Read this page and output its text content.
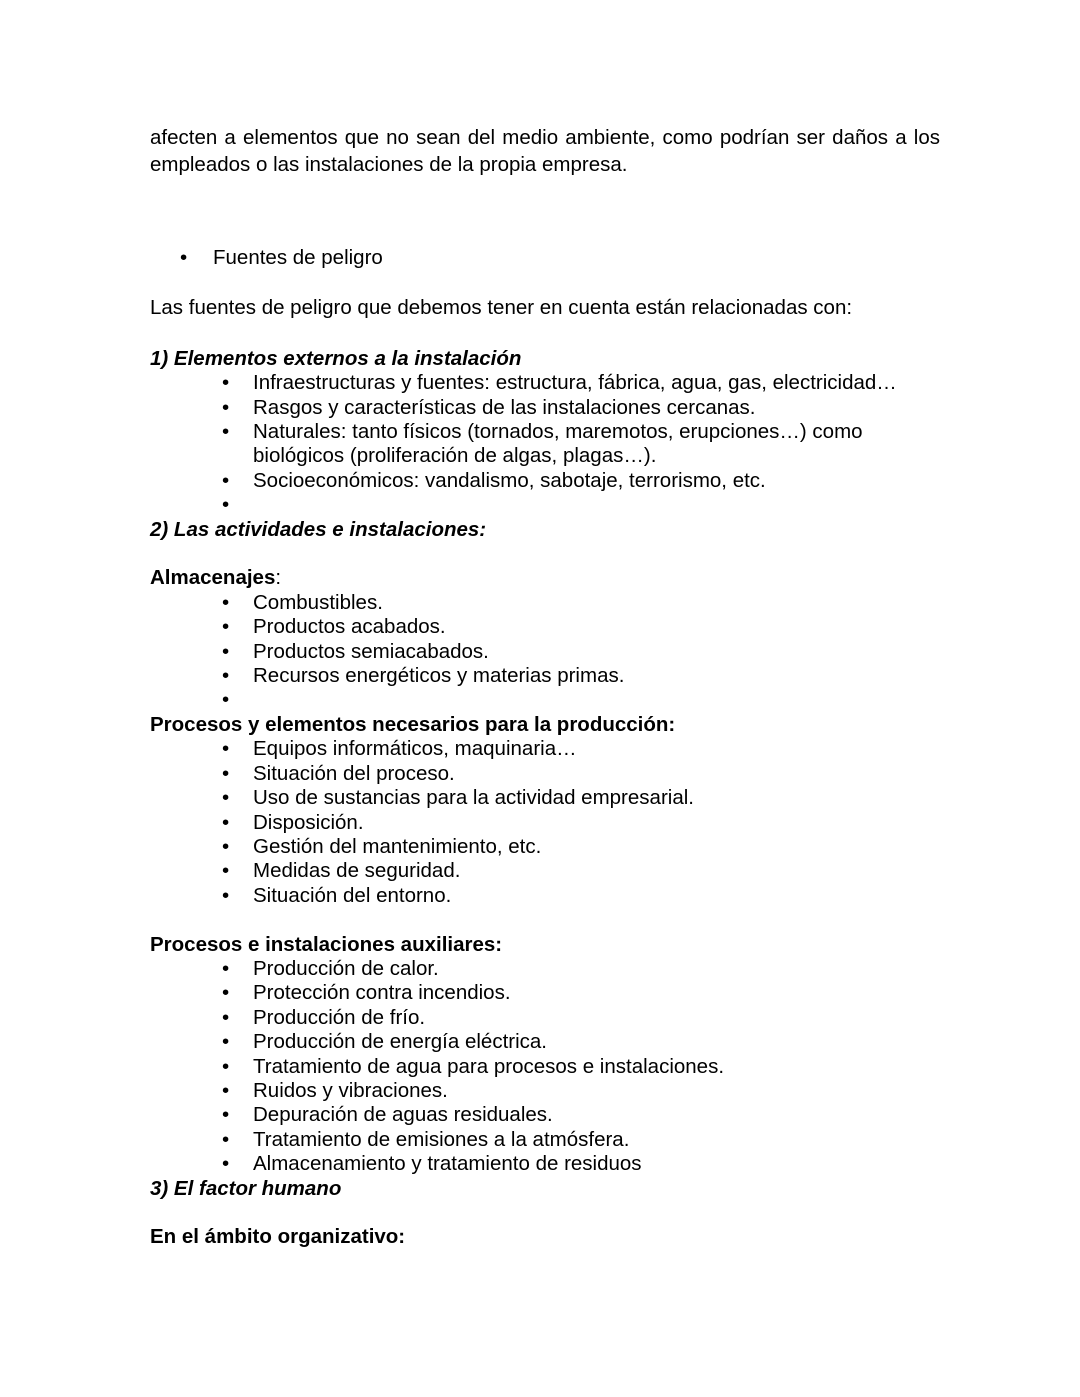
afecten a elementos que no sean del medio ambiente, como podrían ser daños a los empleados o las instalaciones de la propia empresa.

• Fuentes de peligro

Las fuentes de peligro que debemos tener en cuenta están relacionadas con:

1) Elementos externos a la instalación

• Infraestructuras y fuentes: estructura, fábrica, agua, gas, electricidad…
• Rasgos y características de las instalaciones cercanas.
• Naturales: tanto físicos (tornados, maremotos, erupciones…) como biológicos (proliferación de algas, plagas…).
• Socioeconómicos: vandalismo, sabotaje, terrorismo, etc.
•

2) Las actividades e instalaciones:

Almacenajes:

• Combustibles.
• Productos acabados.
• Productos semiacabados.
• Recursos energéticos y materias primas.
•

Procesos y elementos necesarios para la producción:

• Equipos informáticos, maquinaria…
• Situación del proceso.
• Uso de sustancias para la actividad empresarial.
• Disposición.
• Gestión del mantenimiento, etc.
• Medidas de seguridad.
• Situación del entorno.

Procesos e instalaciones auxiliares:

• Producción de calor.
• Protección contra incendios.
• Producción de frío.
• Producción de energía eléctrica.
• Tratamiento de agua para procesos e instalaciones.
• Ruidos y vibraciones.
• Depuración de aguas residuales.
• Tratamiento de emisiones a la atmósfera.
• Almacenamiento y tratamiento de residuos

3) El factor humano

En el ámbito organizativo:
